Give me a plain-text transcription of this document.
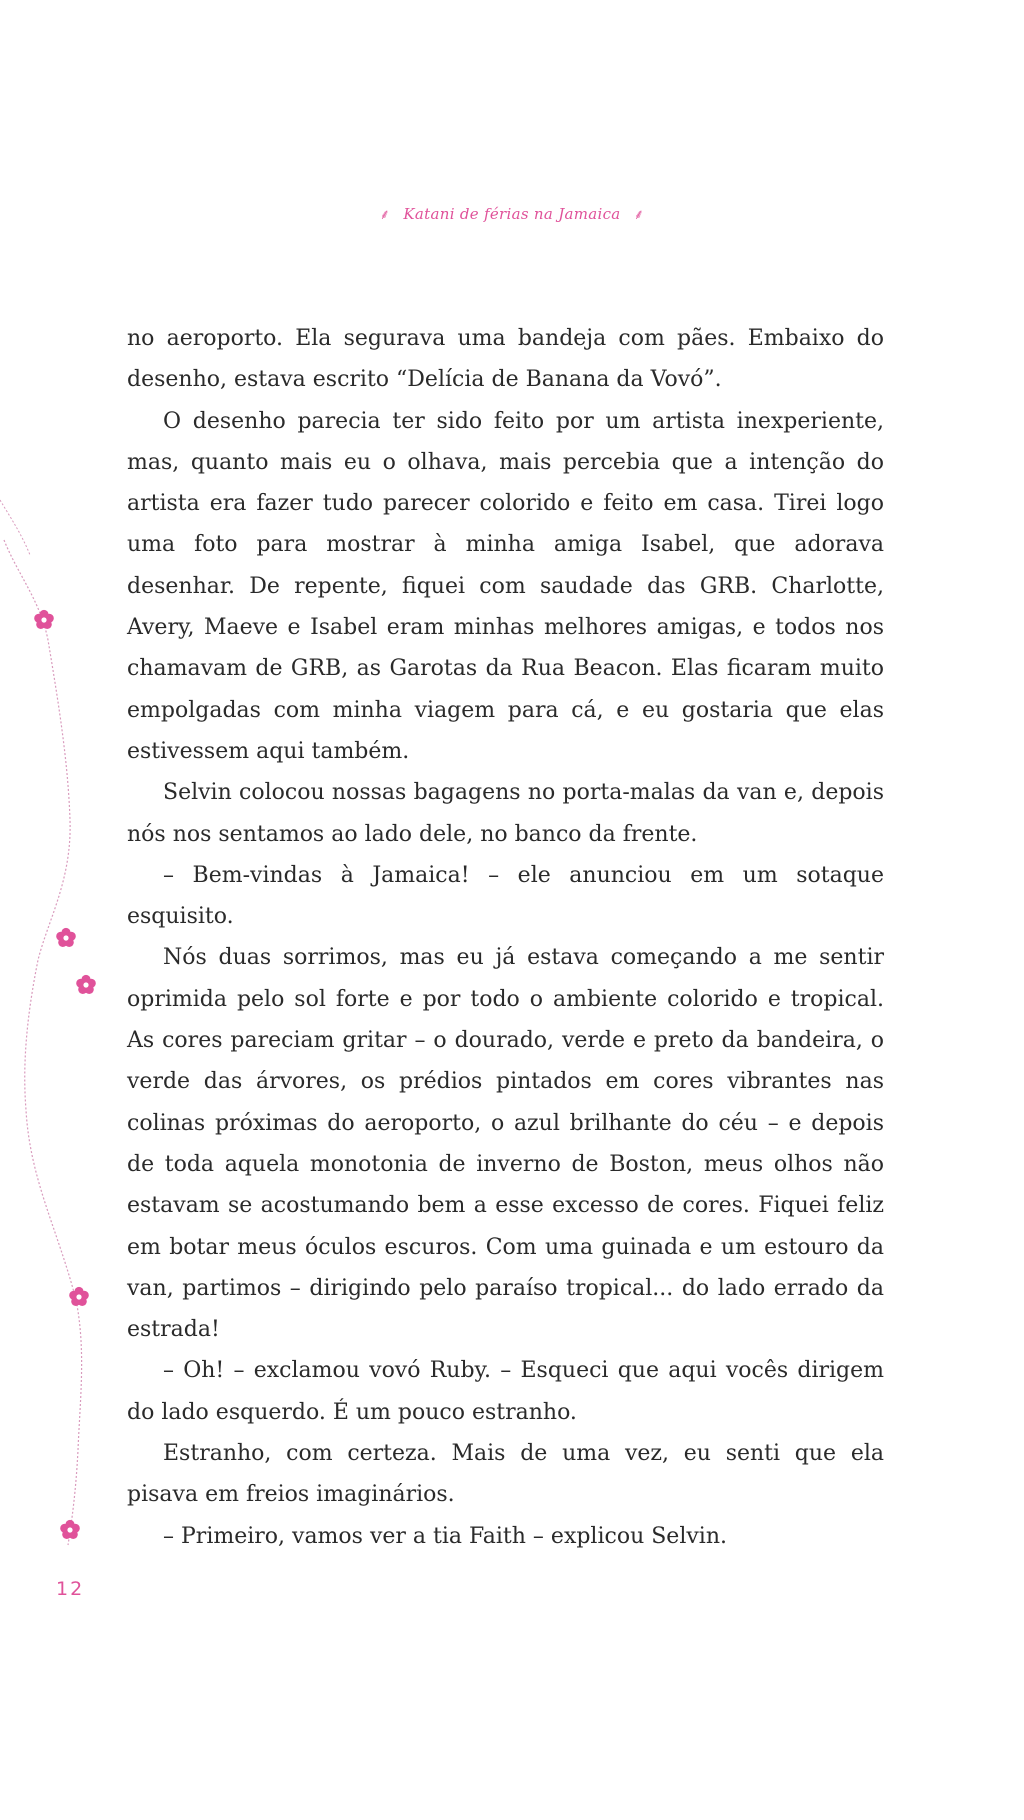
⸙ Katani de férias na Jamaica ⸙

no aeroporto. Ela segurava uma bandeja com pães. Embaixo do desenho, estava escrito “Delícia de Banana da Vovó”.

O desenho parecia ter sido feito por um artista inexperiente, mas, quanto mais eu o olhava, mais percebia que a intenção do artista era fazer tudo parecer colorido e feito em casa. Tirei logo uma foto para mostrar à minha amiga Isabel, que adorava desenhar. De repente, fiquei com saudade das GRB. Charlotte, Avery, Maeve e Isabel eram minhas melhores amigas, e todos nos chamavam de GRB, as Garotas da Rua Beacon. Elas ficaram muito empolgadas com minha viagem para cá, e eu gostaria que elas estivessem aqui também.

Selvin colocou nossas bagagens no porta-malas da van e, depois nós nos sentamos ao lado dele, no banco da frente.

– Bem-vindas à Jamaica! – ele anunciou em um sotaque esquisito.

Nós duas sorrimos, mas eu já estava começando a me sentir oprimida pelo sol forte e por todo o ambiente colorido e tropical. As cores pareciam gritar – o dourado, verde e preto da bandeira, o verde das árvores, os prédios pintados em cores vibrantes nas colinas próximas do aeroporto, o azul brilhante do céu – e depois de toda aquela monotonia de inverno de Boston, meus olhos não estavam se acostumando bem a esse excesso de cores. Fiquei feliz em botar meus óculos escuros. Com uma guinada e um estouro da van, partimos – dirigindo pelo paraíso tropical... do lado errado da estrada!

– Oh! – exclamou vovó Ruby. – Esqueci que aqui vocês dirigem do lado esquerdo. É um pouco estranho.

Estranho, com certeza. Mais de uma vez, eu senti que ela pisava em freios imaginários.

– Primeiro, vamos ver a tia Faith – explicou Selvin.

12
